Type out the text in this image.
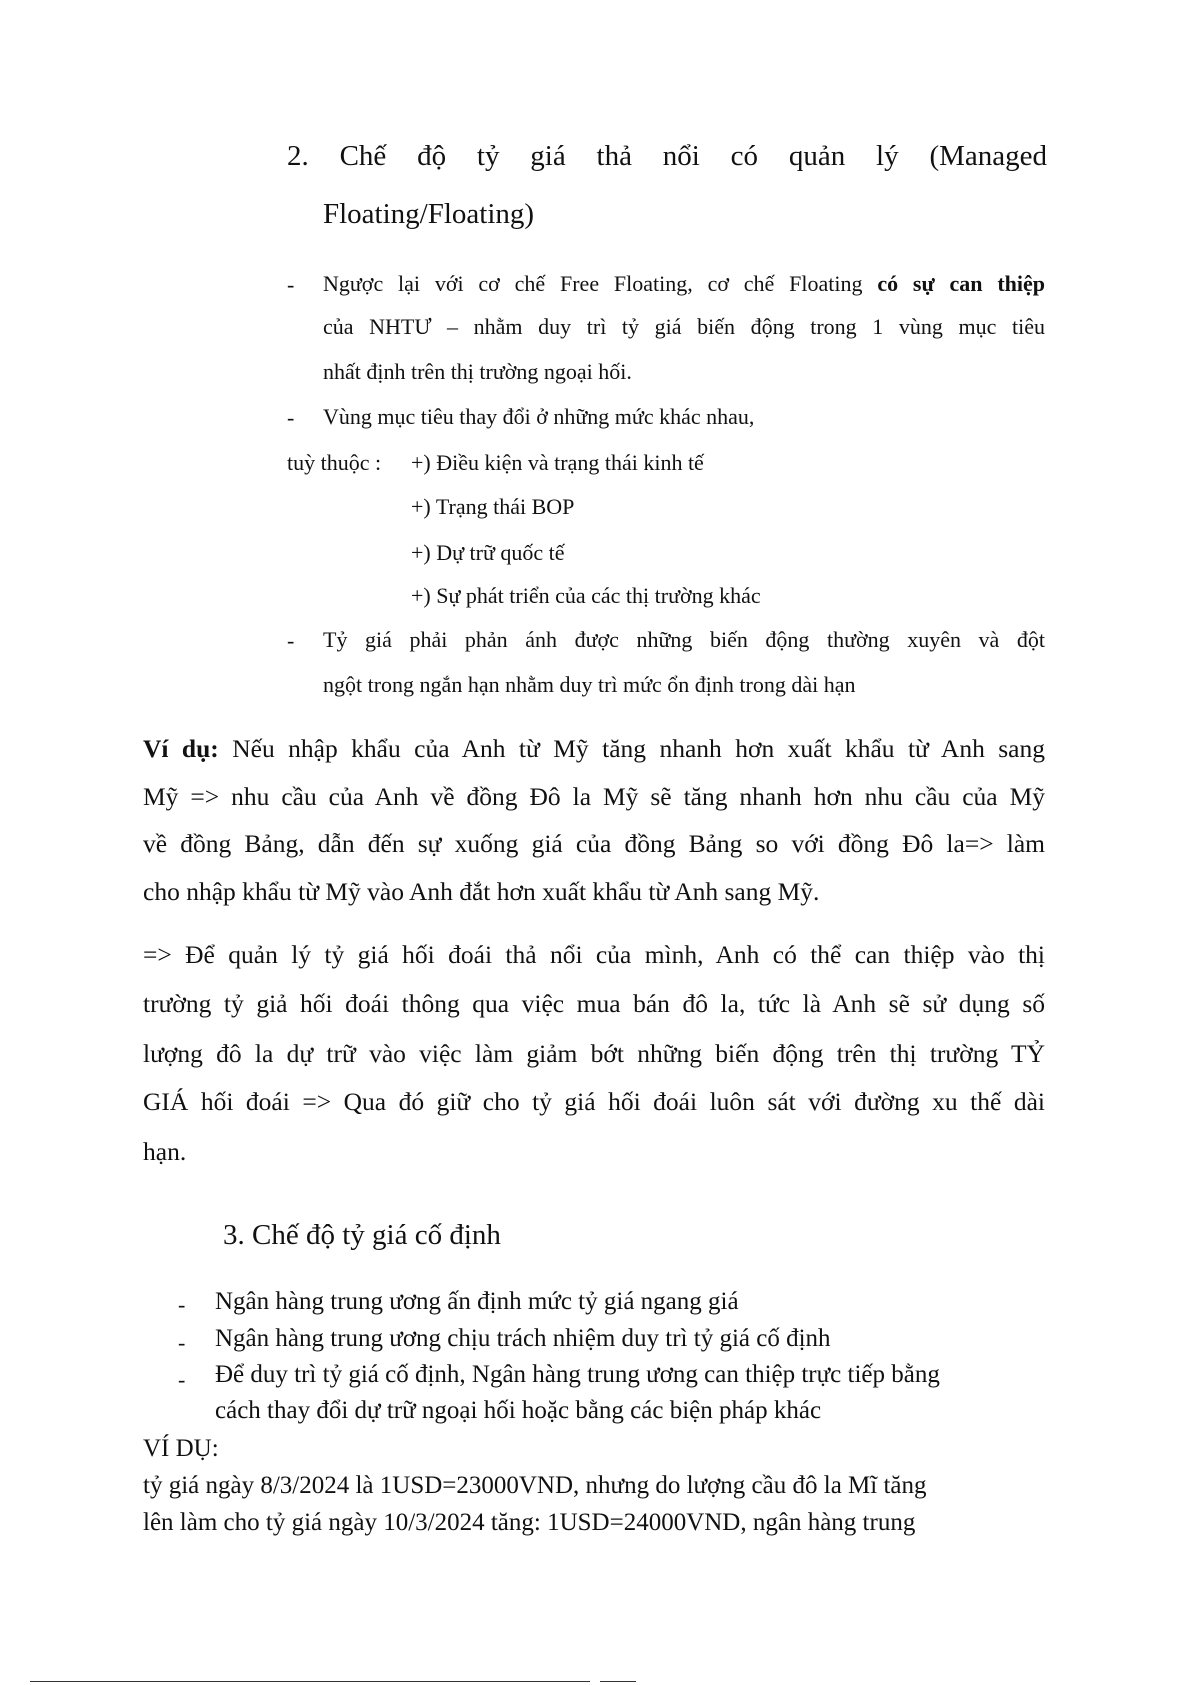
2. Chế độ tỷ giá thả nổi có quản lý (Managed
Floating/Floating)
- Ngược lại với cơ chế Free Floating, cơ chế Floating có sự can thiệp
của NHTƯ – nhằm duy trì tỷ giá biến động trong 1 vùng mục tiêu
nhất định trên thị trường ngoại hối.
- Vùng mục tiêu thay đổi ở những mức khác nhau,
tuỳ thuộc : +) Điều kiện và trạng thái kinh tế
+) Trạng thái BOP
+) Dự trữ quốc tế
+) Sự phát triển của các thị trường khác
- Tỷ giá phải phản ánh được những biến động thường xuyên và đột
ngột trong ngắn hạn nhằm duy trì mức ổn định trong dài hạn
Ví dụ: Nếu nhập khẩu của Anh từ Mỹ tăng nhanh hơn xuất khẩu từ Anh sang
Mỹ => nhu cầu của Anh về đồng Đô la Mỹ sẽ tăng nhanh hơn nhu cầu của Mỹ
về đồng Bảng, dẫn đến sự xuống giá của đồng Bảng so với đồng Đô la=> làm
cho nhập khẩu từ Mỹ vào Anh đắt hơn xuất khẩu từ Anh sang Mỹ.
=> Để quản lý tỷ giá hối đoái thả nổi của mình, Anh có thể can thiệp vào thị
trường tỷ giả hối đoái thông qua việc mua bán đô la, tức là Anh sẽ sử dụng số
lượng đô la dự trữ vào việc làm giảm bớt những biến động trên thị trường TỶ
GIÁ hối đoái => Qua đó giữ cho tỷ giá hối đoái luôn sát với đường xu thế dài
hạn.
3. Chế độ tỷ giá cố định
- Ngân hàng trung ương ấn định mức tỷ giá ngang giá
- Ngân hàng trung ương chịu trách nhiệm duy trì tỷ giá cố định
- Để duy trì tỷ giá cố định, Ngân hàng trung ương can thiệp trực tiếp bằng
cách thay đổi dự trữ ngoại hối hoặc bằng các biện pháp khác
VÍ DỤ:
tỷ giá ngày 8/3/2024 là 1USD=23000VND, nhưng do lượng cầu đô la Mĩ tăng
lên làm cho tỷ giá ngày 10/3/2024 tăng: 1USD=24000VND, ngân hàng trung
